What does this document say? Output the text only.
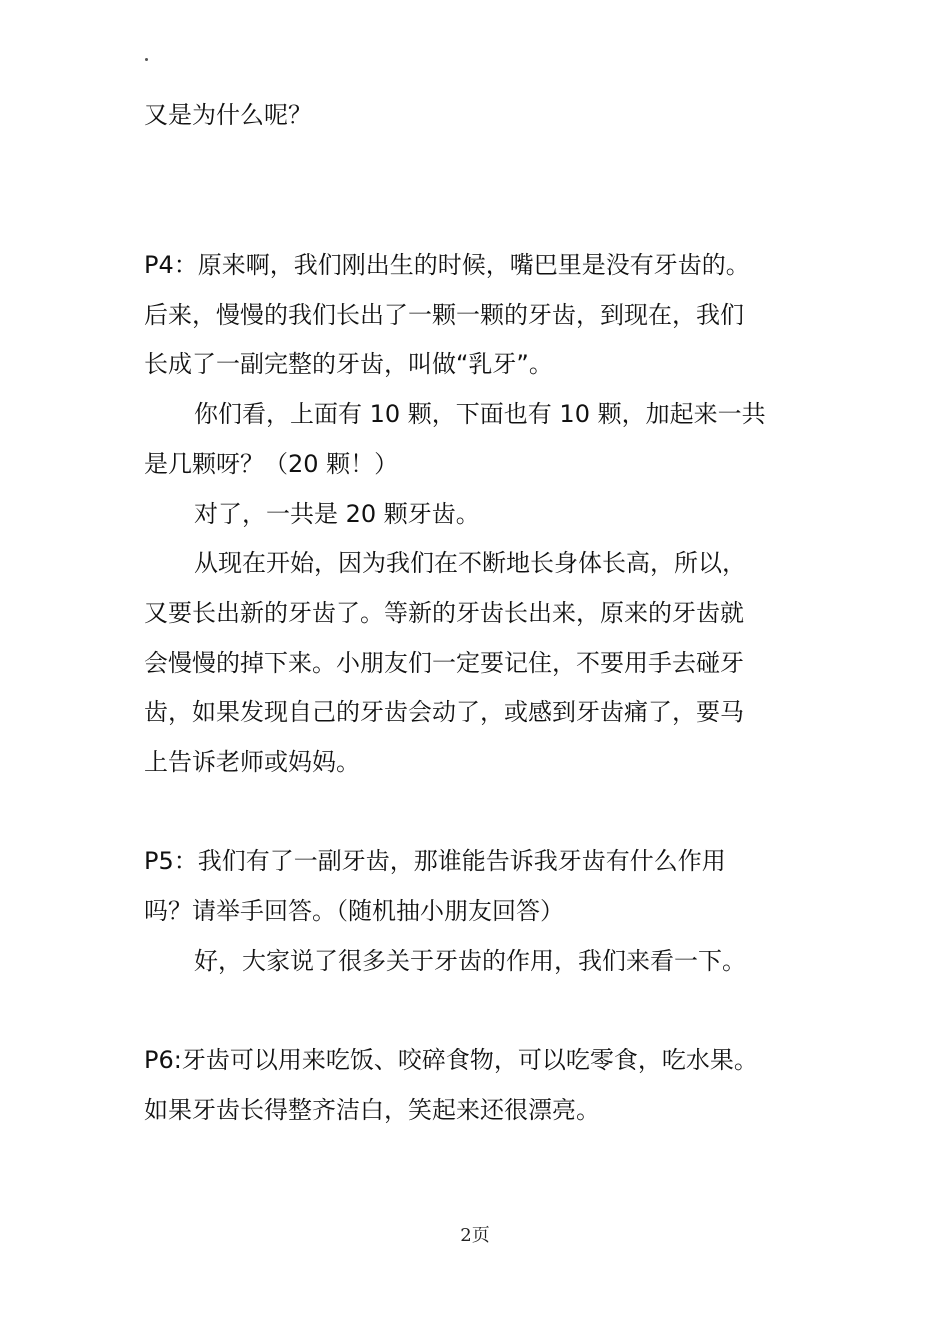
又是为什么呢？
P4：原来啊，我们刚出生的时候，嘴巴里是没有牙齿的。
后来，慢慢的我们长出了一颗一颗的牙齿，到现在，我们
长成了一副完整的牙齿，叫做“乳牙”。
你们看，上面有 10 颗，下面也有 10 颗，加起来一共
是几颗呀？（20 颗！）
对了，一共是 20 颗牙齿。
从现在开始，因为我们在不断地长身体长高，所以，
又要长出新的牙齿了。等新的牙齿长出来，原来的牙齿就
会慢慢的掉下来。小朋友们一定要记住，不要用手去碰牙
齿，如果发现自己的牙齿会动了，或感到牙齿痛了，要马
上告诉老师或妈妈。
P5：我们有了一副牙齿，那谁能告诉我牙齿有什么作用
吗？请举手回答。（随机抽小朋友回答）
好，大家说了很多关于牙齿的作用，我们来看一下。
P6:牙齿可以用来吃饭、咬碎食物，可以吃零食，吃水果。
如果牙齿长得整齐洁白，笑起来还很漂亮。
2页
